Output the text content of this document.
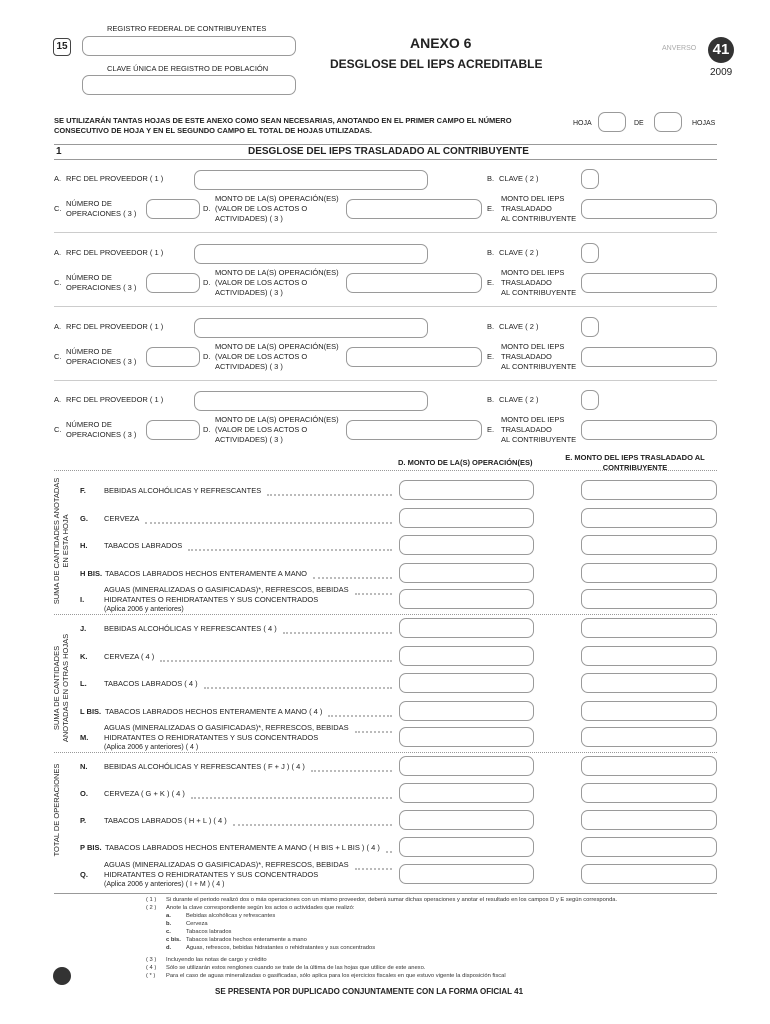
15
REGISTRO FEDERAL DE CONTRIBUYENTES
CLAVE ÚNICA DE REGISTRO DE POBLACIÓN
ANEXO 6
DESGLOSE DEL IEPS ACREDITABLE
ANVERSO	41
2009
SE UTILIZARÁN TANTAS HOJAS DE ESTE ANEXO COMO SEAN NECESARIAS, ANOTANDO EN EL PRIMER CAMPO EL NÚMERO
CONSECUTIVO DE HOJA Y EN EL SEGUNDO CAMPO EL TOTAL DE HOJAS UTILIZADAS.
HOJA	DE	HOJAS
1	DESGLOSE DEL IEPS TRASLADADO AL CONTRIBUYENTE
A. RFC DEL PROVEEDOR ( 1 )	B. CLAVE ( 2 )
C.
NÚMERO DE
OPERACIONES ( 3 )
D.
MONTO DE LA(S) OPERACIÓN(ES)
(VALOR DE LOS ACTOS O
ACTIVIDADES) ( 3 )
E.
MONTO DEL IEPS
TRASLADADO
AL CONTRIBUYENTE
A. RFC DEL PROVEEDOR ( 1 )	B. CLAVE ( 2 )
C.
NÚMERO DE
OPERACIONES ( 3 )
D.
MONTO DE LA(S) OPERACIÓN(ES)
(VALOR DE LOS ACTOS O
ACTIVIDADES) ( 3 )
E.
MONTO DEL IEPS
TRASLADADO
AL CONTRIBUYENTE
A. RFC DEL PROVEEDOR ( 1 )	B. CLAVE ( 2 )
C.
NÚMERO DE
OPERACIONES ( 3 )
D.
MONTO DE LA(S) OPERACIÓN(ES)
(VALOR DE LOS ACTOS O
ACTIVIDADES) ( 3 )
E.
MONTO DEL IEPS
TRASLADADO
AL CONTRIBUYENTE
A. RFC DEL PROVEEDOR ( 1 )	B. CLAVE ( 2 )
C.
NÚMERO DE
OPERACIONES ( 3 )
D.
MONTO DE LA(S) OPERACIÓN(ES)
(VALOR DE LOS ACTOS O
ACTIVIDADES) ( 3 )
E.
MONTO DEL IEPS
TRASLADADO
AL CONTRIBUYENTE
D. MONTO DE LA(S) OPERACIÓN(ES)
E. MONTO DEL IEPS TRASLADADO AL
CONTRIBUYENTE
SUMA DE CANTIDADES ANOTADAS EN ESTA HOJA
SUMA DE CANTIDADES ANOTADAS EN OTRAS HOJAS
TOTAL DE OPERACIONES
F. BEBIDAS ALCOHÓLICAS Y REFRESCANTES
G. CERVEZA
H. TABACOS LABRADOS
H BIS. TABACOS LABRADOS HECHOS ENTERAMENTE A MANO
I.
AGUAS (MINERALIZADAS O GASIFICADAS)*, REFRESCOS, BEBIDAS
HIDRATANTES O REHIDRATANTES Y SUS CONCENTRADOS
(Aplica 2006 y anteriores)
J. BEBIDAS ALCOHÓLICAS Y REFRESCANTES ( 4 )
K. CERVEZA ( 4 )
L. TABACOS LABRADOS ( 4 )
L BIS. TABACOS LABRADOS HECHOS ENTERAMENTE A MANO ( 4 )
M.
AGUAS (MINERALIZADAS O GASIFICADAS)*, REFRESCOS, BEBIDAS
HIDRATANTES O REHIDRATANTES Y SUS CONCENTRADOS
(Aplica 2006 y anteriores) ( 4 )
N. BEBIDAS ALCOHÓLICAS Y REFRESCANTES ( F + J ) ( 4 )
O. CERVEZA ( G + K ) ( 4 )
P. TABACOS LABRADOS ( H + L ) ( 4 )
P BIS. TABACOS LABRADOS HECHOS ENTERAMENTE A MANO ( H BIS + L BIS ) ( 4 )
Q.
AGUAS (MINERALIZADAS O GASIFICADAS)*, REFRESCOS, BEBIDAS
HIDRATANTES O REHIDRATANTES Y SUS CONCENTRADOS
(Aplica 2006 y anteriores) ( I + M ) ( 4 )
( 1 ) Si durante el periodo realizó dos o más operaciones con un mismo proveedor, deberá sumar dichas operaciones y anotar el resultado en los campos D y E según corresponda.
( 2 ) Anote la clave correspondiente según los actos o actividades que realizó:
a.	Bebidas alcohólicas y refrescantes
b.	Cerveza
c.	Tabacos labrados
c bis. Tabacos labrados hechos enteramente a mano
d.	Aguas, refrescos, bebidas hidratantes o rehidratantes y sus concentrados
( 3 ) Incluyendo las notas de cargo y crédito
( 4 ) Sólo se utilizarán estos renglones cuando se trate de la última de las hojas que utilice de este anexo.
( * ) Para el caso de aguas mineralizadas o gasificadas, sólo aplica para los ejercicios fiscales en que estuvo vigente la disposición fiscal
SE PRESENTA POR DUPLICADO CONJUNTAMENTE CON LA FORMA OFICIAL 41
